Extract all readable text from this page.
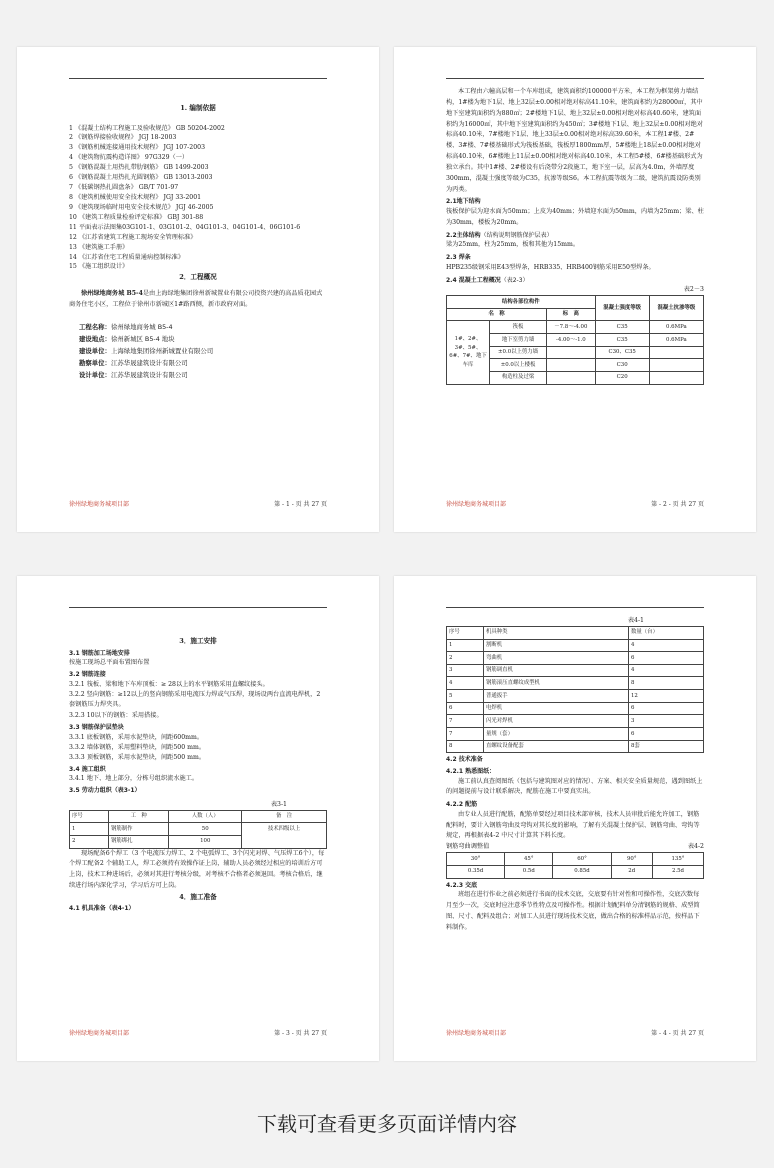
1. 编制依据

1 《混凝土结构工程施工及验收规范》 GB 50204-2002

2 《钢筋焊接验收规程》 JGJ 18-2003

3 《钢筋机械连接通用技术规程》 JGJ 107-2003

4 《建筑物抗震构造详图》 97G329（一）

5 《钢筋混凝土用热扎带肋钢筋》 GB 1499-2003

6 《钢筋混凝土用热扎光圆钢筋》 GB 13013-2003

7 《低碳钢热扎圆盘条》 GB/T 701-97

8 《建筑机械使用安全技术规程》 JGJ 33-2001

9 《建筑现场临时用电安全技术规范》 JGJ 46-2005

10 《建筑工程质量检验评定标准》 GBJ 301-88

11 平面表示法图集03G101-1、03G101-2、04G101-3、04G101-4、06G101-6

12 《江苏省建筑工程施工现场安全管理标准》

13 《建筑施工手册》

14 《江苏省住宅工程质量通病控制标准》

15 《施工组织设计》

2．工程概况

徐州绿地商务城 B5-4是由上海绿地集团徐州新城置业有限公司投资兴建的高品质花园式商务住宅小区，工程位于徐州市新城区1#路西侧，新市政府对面。

工程名称：徐州绿地商务城 B5-4

建设地点：徐州新城区 B5-4 地块

建设单位：上海绿地集团徐州新城置业有限公司

勘察单位：江苏华晟建筑设计有限公司

设计单位：江苏华晟建筑设计有限公司

徐州绿地商务城项目部	第 - 1 - 页 共 27 页

本工程由六幢高层和一个车库组成，建筑面积约100000平方米，本工程为框架剪力墙结构，1#楼为地下1层、地上32层±0.00相对绝对标高41.10米，建筑面积约为28000㎡，其中地下室建筑面积约为880㎡；2#楼地下1层、地上32层±0.00相对绝对标高40.60米，建筑面积约为16000㎡，其中地下室建筑面积约为450㎡；3#楼地下1层、地上32层±0.00相对绝对标高40.10米，7#楼地下1层、地上33层±0.00相对绝对标高39.60米，本工程1#楼、2#楼、3#楼、7#楼基础形式为筏板基础，筏板厚1800mm厚，5#楼地上18层±0.00相对绝对标高40.10米，6#楼地上11层±0.00相对绝对标高40.10米，本工程5#楼、6#楼基础形式为独立承台。其中1#楼、2#楼设有后浇带分2段施工，地下室一层，层高为4.0m，外墙厚度300mm，混凝土强度等级为C35，抗渗等级S6。本工程抗震等级为二级，建筑抗震设防类别为丙类。

2.1地下结构

筏板保护层为迎水面为50mm；上皮为40mm；外墙迎水面为50mm，内墙为25mm；梁、柱为30mm，楼板为20mm。

2.2主体结构（结构说明钢筋保护层表）

梁为25mm，柱为25mm，板和其他为15mm。

2.3 焊条

HPB235级钢采用E43型焊条，HRB335、HRB400钢筋采用E50型焊条。

2.4 混凝土工程概况（表2-3）

表2－3

结构各部位构件			混凝土强度等级	混凝土抗渗等级
名　称		标　高		
1#、2#、3#、5#、6#、7#、地下车库	筏板	－7.8～-4.00	C35	0.6MPa
	地下室剪力墙	-4.00～-1.0	C35	0.6MPa
	±0.0以上剪力墙		C30、C35	
	±0.0以上楼板		C30	
	构造柱及过梁		C20	
徐州绿地商务城项目部	第 - 2 - 页 共 27 页

3．施工安排

3.1 钢筋加工场地安排

按施工现场总平面布置图布置

3.2 钢筋连接

3.2.1 筏板、梁和地下车库顶板：≥ 28以上的水平钢筋采用直螺纹接头。

3.2.2 竖向钢筋：≥12以上的竖向钢筋采用电流压力焊或气压焊，现场设两台直流电焊机，2 套钢筋压力焊夹具。

3.2.3 10以下的钢筋：采用搭接。

3.3 钢筋保护层垫块

3.3.1 底板钢筋，采用水泥垫块，间距600mm。

3.3.2 墙体钢筋，采用塑料垫块，间距500 mm。

3.3.3 顶板钢筋，采用水泥垫块，间距500 mm。

3.4 施工组织

3.4.1 地下、地上部分，分栋号组织流水施工。

3.5 劳动力组织（表3-1）

表3-1

序号	工　种	人数（人）	备　注
1	钢筋制作	50	技术四级以上
2	钢筋绑扎	100	

现场配备6个焊工（3 个电流压力焊工、2 个电弧焊工、3个闪光对焊、气压焊工6个），每个焊工配备2 个辅助工人，焊工必须持有效操作证上岗，辅助人员必须经过相应的培训后方可上岗，技术工种进场后，必须对其进行考核分级，对考核不合格者必须退回。考核合格后，继续进行场内深化学习，学习后方可上岗。

4．施工准备

4.1 机具准备（表4-1）

徐州绿地商务城项目部	第 - 3 - 页 共 27 页

表4-1

序号	机具种类	数量（台）
1	割断机	4
2	弯曲机	6
3	钢筋调直机	4
4	钢筋滚压直螺纹成型机	8
5	普通扳手	12
6	电焊机	6
7	闪光对焊机	3
7	量规（套）	6
8	直螺纹设备配套	8套

4.2 技术准备

4.2.1 熟悉图纸：

施工前认真查阅图纸（包括与建筑图对应的情况）、方案、相关安全质量规范，遇到图纸上的问题提前与设计联系解决，配筋在施工中要真实出。

4.2.2 配筋

由专业人员进行配筋，配筋单要经过项目技术部审核，技术人员审批后能允许加工，钢筋配料时，要计入钢筋弯曲及弯钩对其长度的影响，了解有关混凝土保护层、钢筋弯曲、弯钩等规定，再根据表4-2 中尺寸计算其下料长度。

钢筋弯曲调整值	表4-2
30°	45°	60°	90°	135°
0.35d	0.5d	0.85d	2d	2.5d

4.2.3 交底

班组在进行作业之前必须进行书面的技术交底，交底要有针对性和可操作性，交底次数每月至少一次，交底时应注意季节性特点及可操作性。根据计划配料单分清钢筋的规格、成型简图、尺寸、配料及组合；对加工人员进行现场技术交底，做出合格的标准样品示范，按样品下料制作。

徐州绿地商务城项目部	第 - 4 - 页 共 27 页
下载可查看更多页面详情内容
